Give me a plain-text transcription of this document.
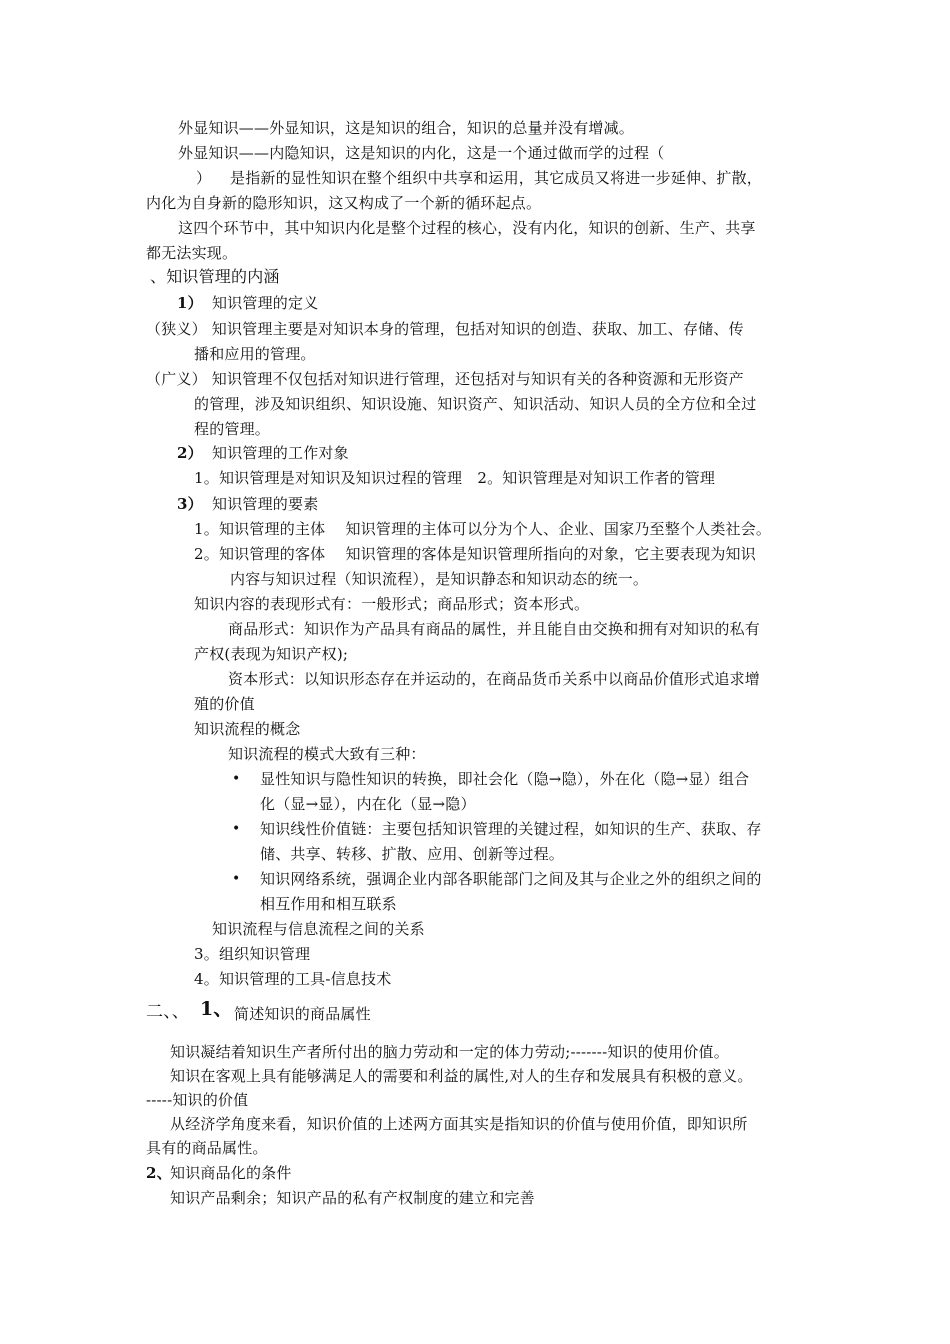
外显知识——外显知识，这是知识的组合，知识的总量并没有增减。
外显知识——内隐知识，这是知识的内化，这是一个通过做而学的过程（
） 是指新的显性知识在整个组织中共享和运用，其它成员又将进一步延伸、扩散，
内化为自身新的隐形知识，这又构成了一个新的循环起点。
这四个环节中，其中知识内化是整个过程的核心，没有内化，知识的创新、生产、共享
都无法实现。
、知识管理的内涵
1） 知识管理的定义
（狭义） 知识管理主要是对知识本身的管理，包括对知识的创造、获取、加工、存储、传
播和应用的管理。
（广义） 知识管理不仅包括对知识进行管理，还包括对与知识有关的各种资源和无形资产
的管理，涉及知识组织、知识设施、知识资产、知识活动、知识人员的全方位和全过
程的管理。
2） 知识管理的工作对象
1。知识管理是对知识及知识过程的管理　2。知识管理是对知识工作者的管理
3） 知识管理的要素
1。知识管理的主体　 知识管理的主体可以分为个人、企业、国家乃至整个人类社会。
2。知识管理的客体　 知识管理的客体是知识管理所指向的对象，它主要表现为知识
内容与知识过程（知识流程），是知识静态和知识动态的统一。
知识内容的表现形式有：一般形式；商品形式；资本形式。
商品形式：知识作为产品具有商品的属性，并且能自由交换和拥有对知识的私有
产权(表现为知识产权);
资本形式：以知识形态存在并运动的，在商品货币关系中以商品价值形式追求增
殖的价值
知识流程的概念
知识流程的模式大致有三种：
• 显性知识与隐性知识的转换，即社会化（隐→隐），外在化（隐→显）组合
化（显→显），内在化（显→隐）
• 知识线性价值链：主要包括知识管理的关键过程，如知识的生产、获取、存
储、共享、转移、扩散、应用、创新等过程。
• 知识网络系统，强调企业内部各职能部门之间及其与企业之外的组织之间的
相互作用和相互联系
知识流程与信息流程之间的关系
3。组织知识管理
4。知识管理的工具-信息技术
二、、 1、 简述知识的商品属性
知识凝结着知识生产者所付出的脑力劳动和一定的体力劳动;-------知识的使用价值。
知识在客观上具有能够满足人的需要和利益的属性,对人的生存和发展具有积极的意义。
-----知识的价值
从经济学角度来看，知识价值的上述两方面其实是指知识的价值与使用价值，即知识所
具有的商品属性。
2、
知识商品化的条件
知识产品剩余；知识产品的私有产权制度的建立和完善
